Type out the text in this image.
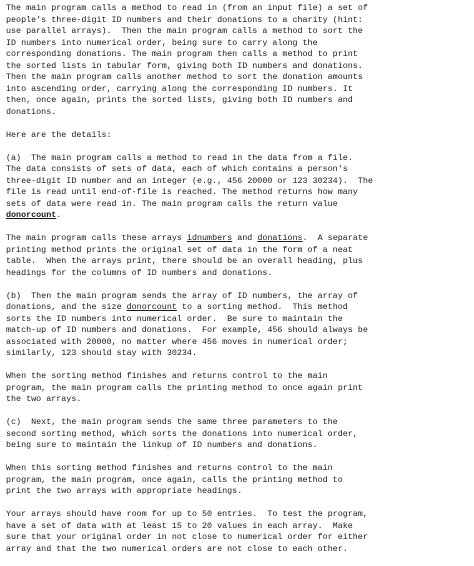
The main program calls a method to read in (from an input file) a set of
people's three-digit ID numbers and their donations to a charity (hint:
use parallel arrays).  Then the main program calls a method to sort the
ID numbers into numerical order, being sure to carry along the
corresponding donations. The main program then calls a method to print
the sorted lists in tabular form, giving both ID numbers and donations.
Then the main program calls another method to sort the donation amounts
into ascending order, carrying along the corresponding ID numbers. It
then, once again, prints the sorted lists, giving both ID numbers and
donations.
Here are the details:
(a)  The main program calls a method to read in the data from a file.
The data consists of sets of data, each of which contains a person's
three-digit ID number and an integer (e.g., 456 20000 or 123 30234).  The
file is read until end-of-file is reached. The method returns how many
sets of data were read in. The main program calls the return value
donorcount.
The main program calls these arrays idnumbers and donations.  A separate
printing method prints the original set of data in the form of a neat
table.  When the arrays print, there should be an overall heading, plus
headings for the columns of ID numbers and donations.
(b)  Then the main program sends the array of ID numbers, the array of
donations, and the size donorcount to a sorting method.  This method
sorts the ID numbers into numerical order.  Be sure to maintain the
match-up of ID numbers and donations.  For example, 456 should always be
associated with 20000, no matter where 456 moves in numerical order;
similarly, 123 should stay with 30234.
When the sorting method finishes and returns control to the main
program, the main program calls the printing method to once again print
the two arrays.
(c)  Next, the main program sends the same three parameters to the
second sorting method, which sorts the donations into numerical order,
being sure to maintain the linkup of ID numbers and donations.
When this sorting method finishes and returns control to the main
program, the main program, once again, calls the printing method to
print the two arrays with appropriate headings.
Your arrays should have room for up to 50 entries.  To test the program,
have a set of data with at least 15 to 20 values in each array.  Make
sure that your original order in not close to numerical order for either
array and that the two numerical orders are not close to each other.
